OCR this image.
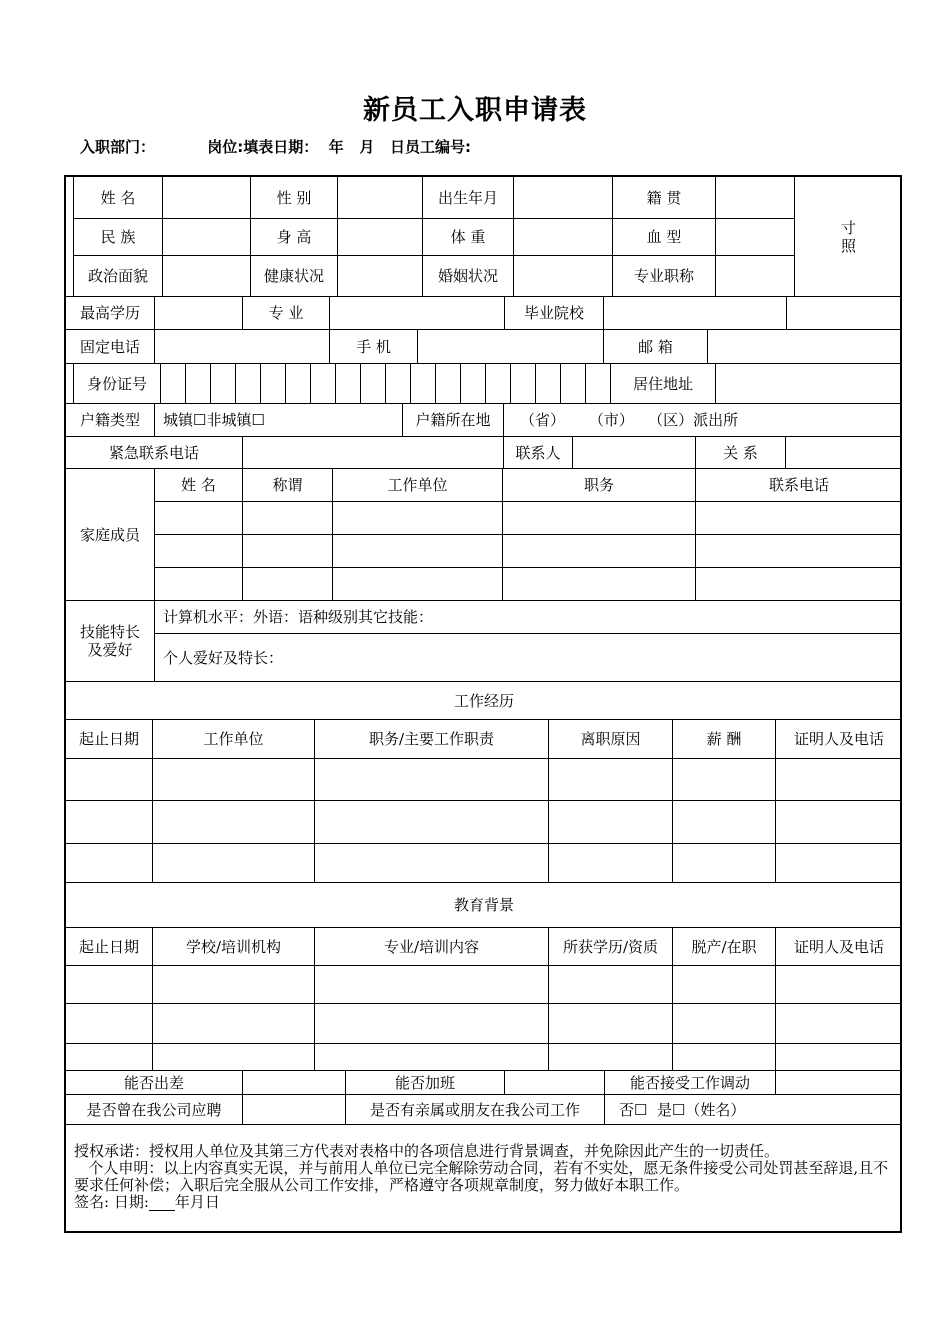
新员工入职申请表
入职部门：          岗位:填表日期：  年   月   日员工编号:
姓 名	性 别	出生年月	籍 贯
寸
照
民 族	身 高	体 重	血 型
政治面貌	健康状况	婚姻状况	专业职称
最高学历	专 业	毕业院校
固定电话	手 机	邮 箱
身份证号	居住地址
户籍类型	城镇☐非城镇☐	户籍所在地	（省）     （市）   （区）派出所
紧急联系电话	联系人	关 系
家庭成员
姓 名	称谓	工作单位	职务	联系电话
技能特长
及爱好
计算机水平：外语：语种级别其它技能：
个人爱好及特长：
工作经历
起止日期	工作单位	职务/主要工作职责	离职原因	薪 酬	证明人及电话
教育背景
起止日期	学校/培训机构	专业/培训内容	所获学历/资质	脱产/在职	证明人及电话
能否出差	能否加班	能否接受工作调动
是否曾在我公司应聘	是否有亲属或朋友在我公司工作	否☐  是☐（姓名）

授权承诺：授权用人单位及其第三方代表对表格中的各项信息进行背景调查，并免除因此产生的一切责任。

个人申明：以上内容真实无误，并与前用人单位已完全解除劳动合同，若有不实处，愿无条件接受公司处罚甚至辞退,且不要求任何补偿；入职后完全服从公司工作安排，严格遵守各项规章制度，努力做好本职工作。

签名: 日期: 年月日
